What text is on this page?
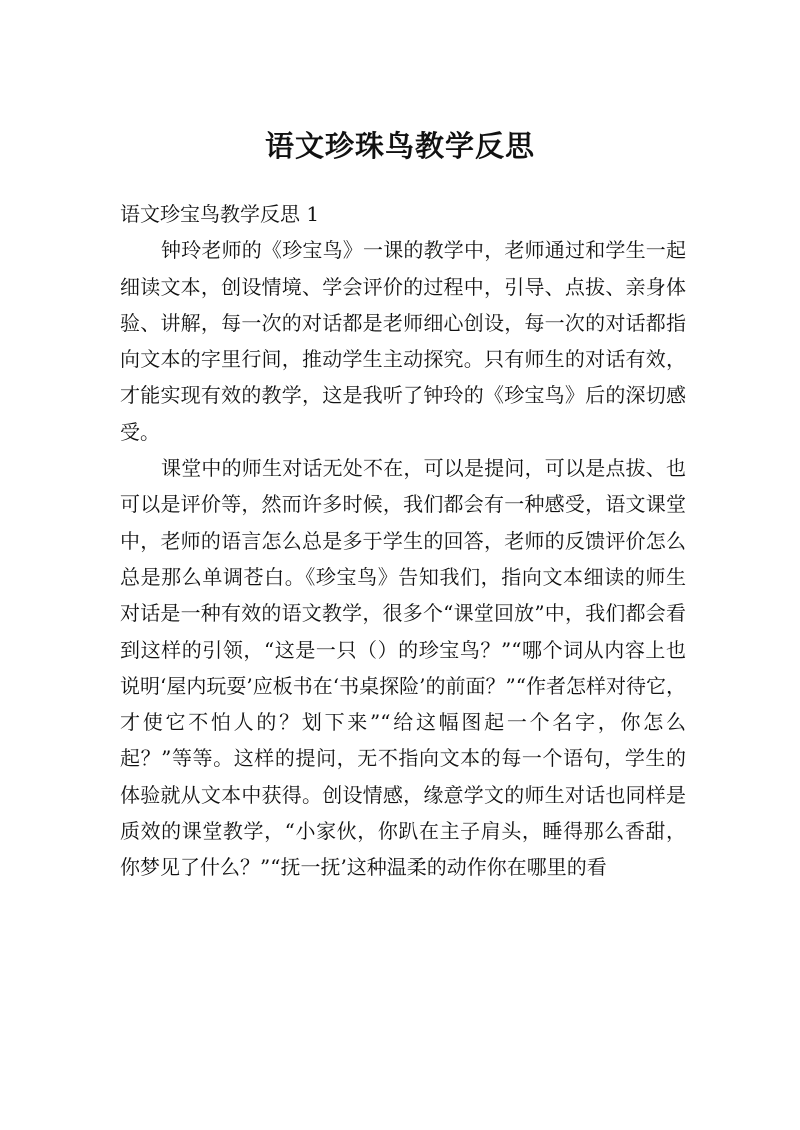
语文珍珠鸟教学反思

语文珍宝鸟教学反思 1

钟玲老师的《珍宝鸟》一课的教学中，老师通过和学生一起细读文本，创设情境、学会评价的过程中，引导、点拔、亲身体验、讲解，每一次的对话都是老师细心创设，每一次的对话都指向文本的字里行间，推动学生主动探究。只有师生的对话有效，才能实现有效的教学，这是我听了钟玲的《珍宝鸟》后的深切感受。

课堂中的师生对话无处不在，可以是提问，可以是点拔、也可以是评价等，然而许多时候，我们都会有一种感受，语文课堂中，老师的语言怎么总是多于学生的回答，老师的反馈评价怎么总是那么单调苍白。《珍宝鸟》告知我们，指向文本细读的师生对话是一种有效的语文教学，很多个“课堂回放”中，我们都会看到这样的引领，“这是一只（）的珍宝鸟？”“哪个词从内容上也说明‘屋内玩耍’应板书在‘书桌探险’的前面？”“作者怎样对待它，才使它不怕人的？划下来”“给这幅图起一个名字，你怎么起？”等等。这样的提问，无不指向文本的每一个语句，学生的体验就从文本中获得。创设情感，缘意学文的师生对话也同样是质效的课堂教学，“小家伙，你趴在主子肩头，睡得那么香甜，你梦见了什么？”“抚一抚’这种温柔的动作你在哪里的看
